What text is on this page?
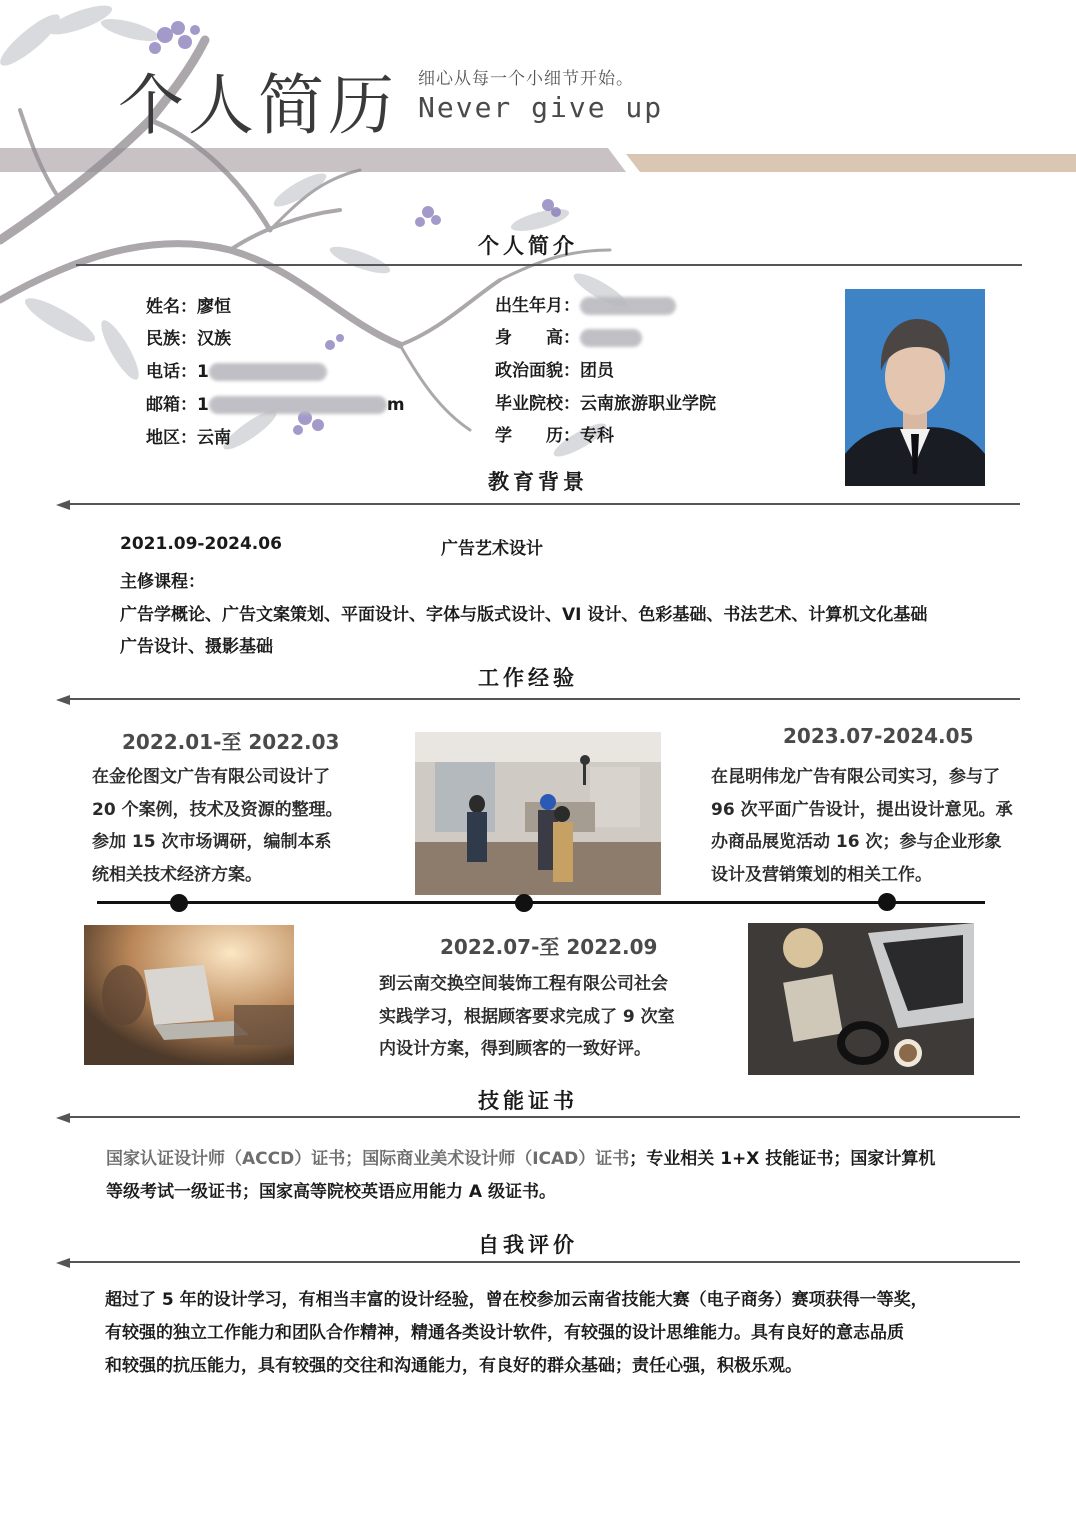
个人简历 细心从每一个小细节开始。
Never give up
个人简介
姓名：廖恒
民族：汉族
电话：1
邮箱：1	m
地区：云南
出生年月：
身　　高：
政治面貌：团员
毕业院校：云南旅游职业学院
学　　历：专科
教育背景
2021.09-2024.06	广告艺术设计
主修课程：
广告学概论、广告文案策划、平面设计、字体与版式设计、VI 设计、色彩基础、书法艺术、计算机文化基础
广告设计、摄影基础
工作经验
2022.01-至 2022.03
在金伦图文广告有限公司设计了
20 个案例，技术及资源的整理。
参加 15 次市场调研，编制本系
统相关技术经济方案。
2023.07-2024.05
在昆明伟龙广告有限公司实习，参与了
96 次平面广告设计，提出设计意见。承
办商品展览活动 16 次；参与企业形象
设计及营销策划的相关工作。
2022.07-至 2022.09
到云南交换空间装饰工程有限公司社会
实践学习，根据顾客要求完成了 9 次室
内设计方案，得到顾客的一致好评。
技能证书
国家认证设计师（ACCD）证书；国际商业美术设计师（ICAD）证书；专业相关 1+X 技能证书；国家计算机
等级考试一级证书；国家高等院校英语应用能力 A 级证书。
自我评价
超过了 5 年的设计学习，有相当丰富的设计经验，曾在校参加云南省技能大赛（电子商务）赛项获得一等奖，
有较强的独立工作能力和团队合作精神，精通各类设计软件，有较强的设计思维能力。具有良好的意志品质
和较强的抗压能力，具有较强的交往和沟通能力，有良好的群众基础；责任心强，积极乐观。
